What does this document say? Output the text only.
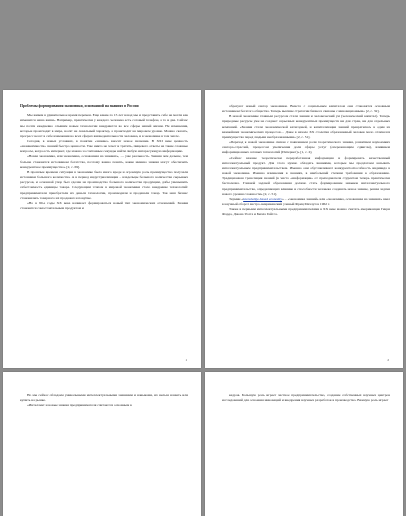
Проблемы формирования экономики, основанной на знаниях в России

Мы живем в удивительное время перемен. Еще какие-то 15 лет назад мы и представить себе не могли как изменится наша жизнь. Например, практически у каждого человека есть сотовый телефон, а то и два. Сейчас мы почти ежедневно слышим новые технологии внедряются во все сферы нашей жизни. Не изменения, которые происходят в мире, носят не локальный характер, а происходят на мировом уровне. Можно сказать, прогресс несет в себе изменения во всех сферах жизнедеятельности человека, и в экономике в том числе.

Сегодня, в новых условиях, в понятие «знание» вносят новое значение. В XXI веке ценность «знаниеёмкости» знаний быстро ценности. Уже никто не хочет и тратить, пищевого ответы на такие сложные вопросы, когда есть интернет, где можно за считанные секунды найти любую интересующую информацию.

«Новая экономика, или экономика, основанная на знаниях», — уже реальность. Знания чем дальше, тем больше становятся источником богатства, поэтому важно понять, какие именно знания могут обеспечить конкурентное преимущество» [2, с. 69].

В прошлые времена ситуация в экономике была иного вроде и огромную роль преимущество получали источники большого количества. А в период индустриализации – владельцы большого количества сырьевых ресурсов, и основной упор был сделан на производство большого количества продукции, дабы уменьшить себестоимость единицы товара. Следующим этапом в мировой экономики стало внедрение технологий: предприниматели приобретали их деньги технологии, производили и продавали товар. Так наш бизнес становились товарного их продажах и покупке.

«Но в 90-е годы XX века начинает формироваться новый тип экономических отношений. Знания становятся самостоятельным продуктом и

1

образуют новый сектор экономики. Вместе с социальным капиталом они становятся основным источником богатого общества. Теперь высшие стратегии бизнеса связаны с инновационным» [2, с. 32].

В новой экономике главным ресурсом стали знания и человеческий ум (человеческий капитал). Теперь природные ресурсы уже не создают серьезных конкурентных преимуществ ни для стран, ни для отдельных компаний. «Знания стали экономической категорией, и капитализация знаний превратилась в один из важнейших экономических процессов… Даже в начале XX столетия образованный человек мало отличался преимущества перед людьми необразованными» [2, с. 51].

«Переход к новой экономике связан с появлением роли теоретического знания, развитием наукоемких сектора-отраслей, процессом увеличения доли сферы услуг (опережающим сдвигом), влиянием информационных сетевых технологий (Интернет)» [1, с. 2].

«Сейчас важнее теоретически переработанная информация и формировать качественный интеллектуальный продукт. Для этого нужно обладать знаниями, которые мы предлагаем называть интеллектуальным предпринимательством. Именно они обуславливают конкурентоспособность индивида в новой экономике. Именно изменения в знаниях, в наибольшей степени требования к образованию. Традиционная трансляция знаний (в чисто «информации» от преподавателя студентам теперь практически бесполезна. Главной задачей образования должно стать формирование навыков интеллектуального предпринимательства, определяющих влияние и способности человека создавать новое знание, решая задачи нового уровня сложности» [2, с. 51].

Термин «knowledge-based economy» – «экономика знаний» или «экономика, основанная на знаниях» ввел в научный оборот австро-американский ученый Фриц Махлуп в 1962 г.

Также в первыми интеллектуальными предпринимателями в XX веке можно считать американцев Генри Форда, Джона Уолта и Билла Гейтса.

2

Но мы сейчас обладаем уникальными интеллектуальными знаниями и навыками, их нельзя назвать или купить на рынке.

«Интеллект и новые знания предпринимателя считаются основным в

кадров. Большую роль играет частное предпринимательство, создание собственных научных центров исследований для освоения инноваций и внедрения научных разработок в производство. Важную роль играет
